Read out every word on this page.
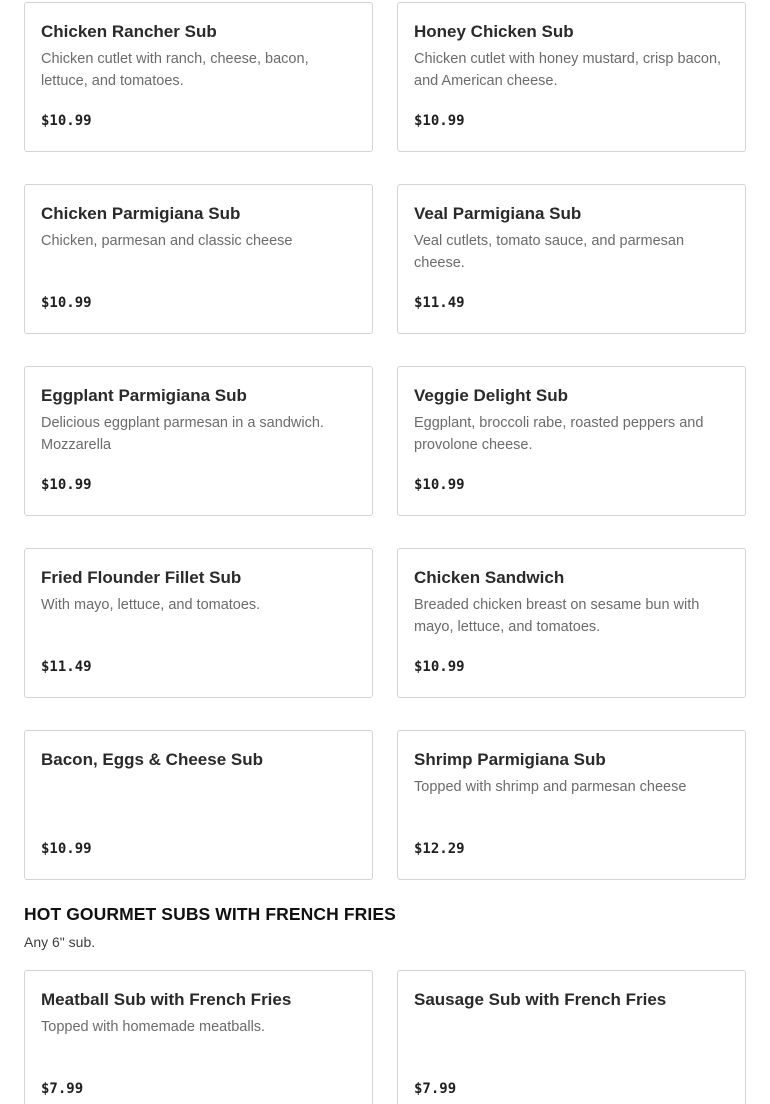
Chicken Rancher Sub
Chicken cutlet with ranch, cheese, bacon, lettuce, and tomatoes.
$10.99
Honey Chicken Sub
Chicken cutlet with honey mustard, crisp bacon, and American cheese.
$10.99
Chicken Parmigiana Sub
Chicken, parmesan and classic cheese
$10.99
Veal Parmigiana Sub
Veal cutlets, tomato sauce, and parmesan cheese.
$11.49
Eggplant Parmigiana Sub
Delicious eggplant parmesan in a sandwich. Mozzarella
$10.99
Veggie Delight Sub
Eggplant, broccoli rabe, roasted peppers and provolone cheese.
$10.99
Fried Flounder Fillet Sub
With mayo, lettuce, and tomatoes.
$11.49
Chicken Sandwich
Breaded chicken breast on sesame bun with mayo, lettuce, and tomatoes.
$10.99
Bacon, Eggs & Cheese Sub
$10.99
Shrimp Parmigiana Sub
Topped with shrimp and parmesan cheese
$12.29
HOT GOURMET SUBS WITH FRENCH FRIES
Any 6" sub.
Meatball Sub with French Fries
Topped with homemade meatballs.
$7.99
Sausage Sub with French Fries
$7.99
